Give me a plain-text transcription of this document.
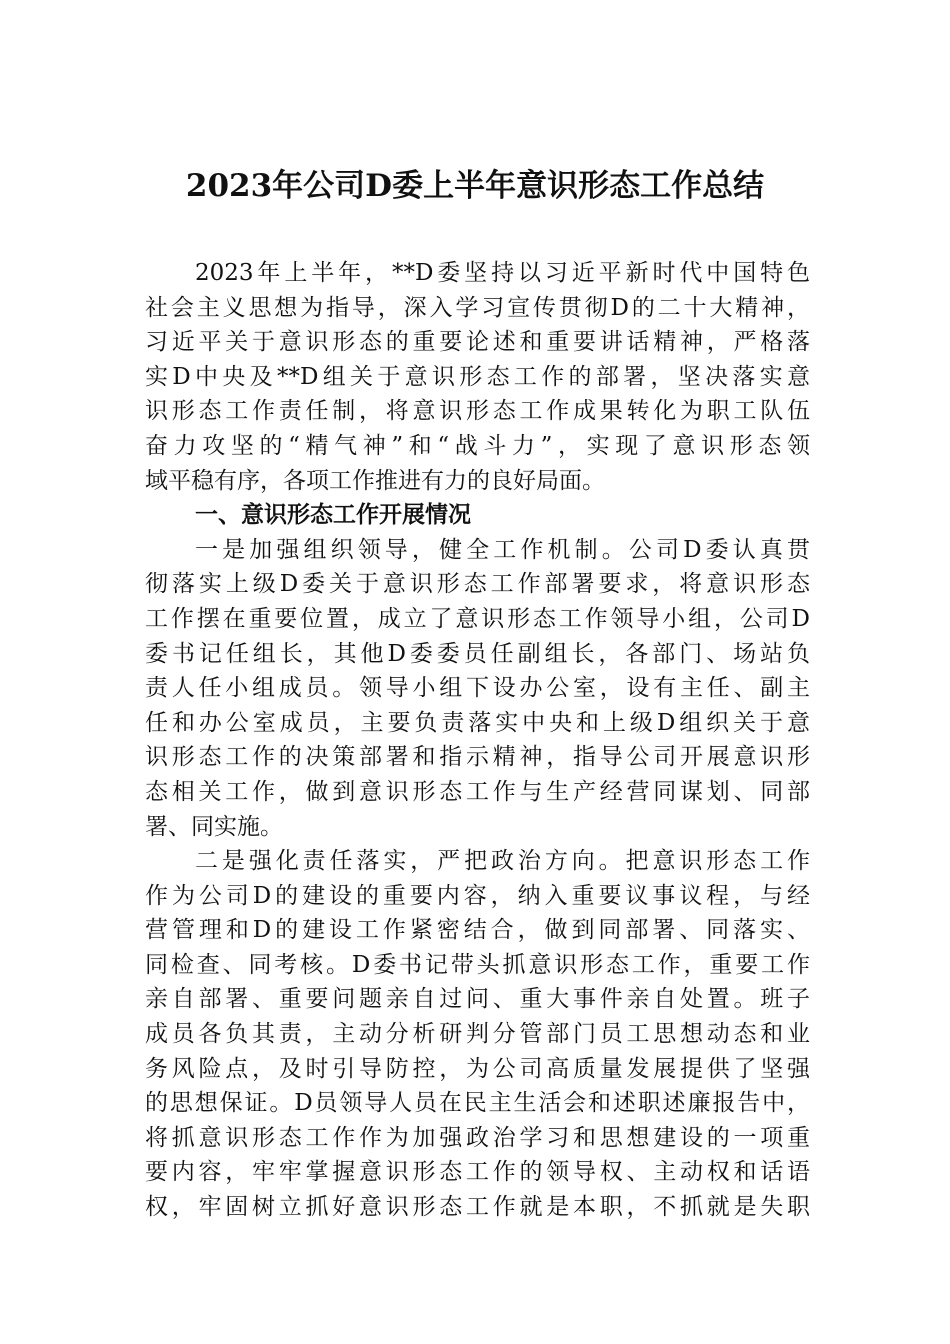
2023年公司D委上半年意识形态工作总结
2023年上半年，**D委坚持以习近平新时代中国特色
社会主义思想为指导，深入学习宣传贯彻D的二十大精神，
习近平关于意识形态的重要论述和重要讲话精神，严格落
实D中央及**D组关于意识形态工作的部署，坚决落实意
识形态工作责任制，将意识形态工作成果转化为职工队伍
奋力攻坚的“精气神”和“战斗力”，实现了意识形态领
域平稳有序，各项工作推进有力的良好局面。
一、意识形态工作开展情况
一是加强组织领导，健全工作机制。公司D委认真贯
彻落实上级D委关于意识形态工作部署要求，将意识形态
工作摆在重要位置，成立了意识形态工作领导小组，公司D
委书记任组长，其他D委委员任副组长，各部门、场站负
责人任小组成员。领导小组下设办公室，设有主任、副主
任和办公室成员，主要负责落实中央和上级D组织关于意
识形态工作的决策部署和指示精神，指导公司开展意识形
态相关工作，做到意识形态工作与生产经营同谋划、同部
署、同实施。
二是强化责任落实，严把政治方向。把意识形态工作
作为公司D的建设的重要内容，纳入重要议事议程，与经
营管理和D的建设工作紧密结合，做到同部署、同落实、
同检查、同考核。D委书记带头抓意识形态工作，重要工作
亲自部署、重要问题亲自过问、重大事件亲自处置。班子
成员各负其责，主动分析研判分管部门员工思想动态和业
务风险点，及时引导防控，为公司高质量发展提供了坚强
的思想保证。D员领导人员在民主生活会和述职述廉报告中，
将抓意识形态工作作为加强政治学习和思想建设的一项重
要内容，牢牢掌握意识形态工作的领导权、主动权和话语
权，牢固树立抓好意识形态工作就是本职，不抓就是失职
